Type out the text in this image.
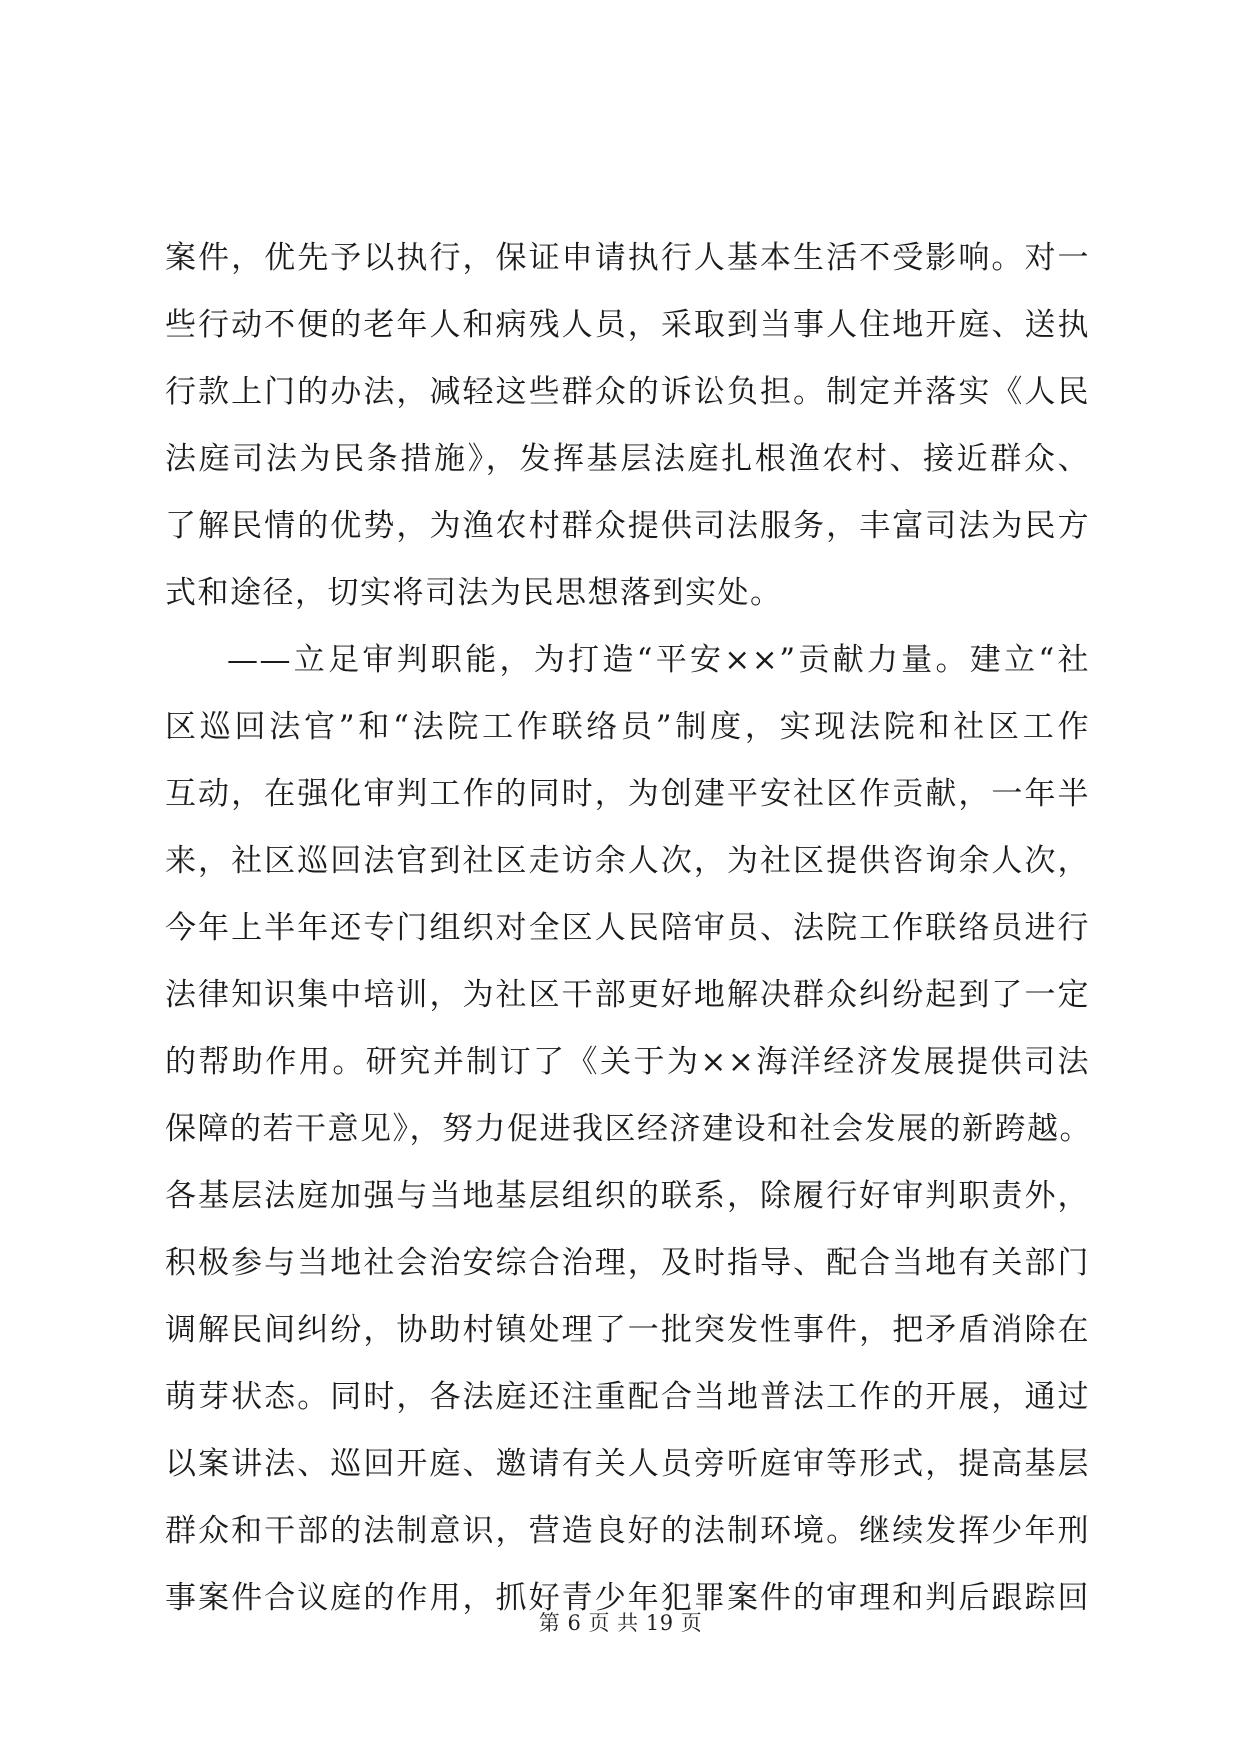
案件，优先予以执行，保证申请执行人基本生活不受影响。对一
些行动不便的老年人和病残人员，采取到当事人住地开庭、送执
行款上门的办法，减轻这些群众的诉讼负担。制定并落实《人民
法庭司法为民条措施》，发挥基层法庭扎根渔农村、接近群众、
了解民情的优势，为渔农村群众提供司法服务，丰富司法为民方
式和途径，切实将司法为民思想落到实处。
——立足审判职能，为打造“平安××”贡献力量。建立“社
区巡回法官”和“法院工作联络员”制度，实现法院和社区工作
互动，在强化审判工作的同时，为创建平安社区作贡献，一年半
来，社区巡回法官到社区走访余人次，为社区提供咨询余人次，
今年上半年还专门组织对全区人民陪审员、法院工作联络员进行
法律知识集中培训，为社区干部更好地解决群众纠纷起到了一定
的帮助作用。研究并制订了《关于为××海洋经济发展提供司法
保障的若干意见》，努力促进我区经济建设和社会发展的新跨越。
各基层法庭加强与当地基层组织的联系，除履行好审判职责外，
积极参与当地社会治安综合治理，及时指导、配合当地有关部门
调解民间纠纷，协助村镇处理了一批突发性事件，把矛盾消除在
萌芽状态。同时，各法庭还注重配合当地普法工作的开展，通过
以案讲法、巡回开庭、邀请有关人员旁听庭审等形式，提高基层
群众和干部的法制意识，营造良好的法制环境。继续发挥少年刑
事案件合议庭的作用，抓好青少年犯罪案件的审理和判后跟踪回
第 6 页 共 19 页
